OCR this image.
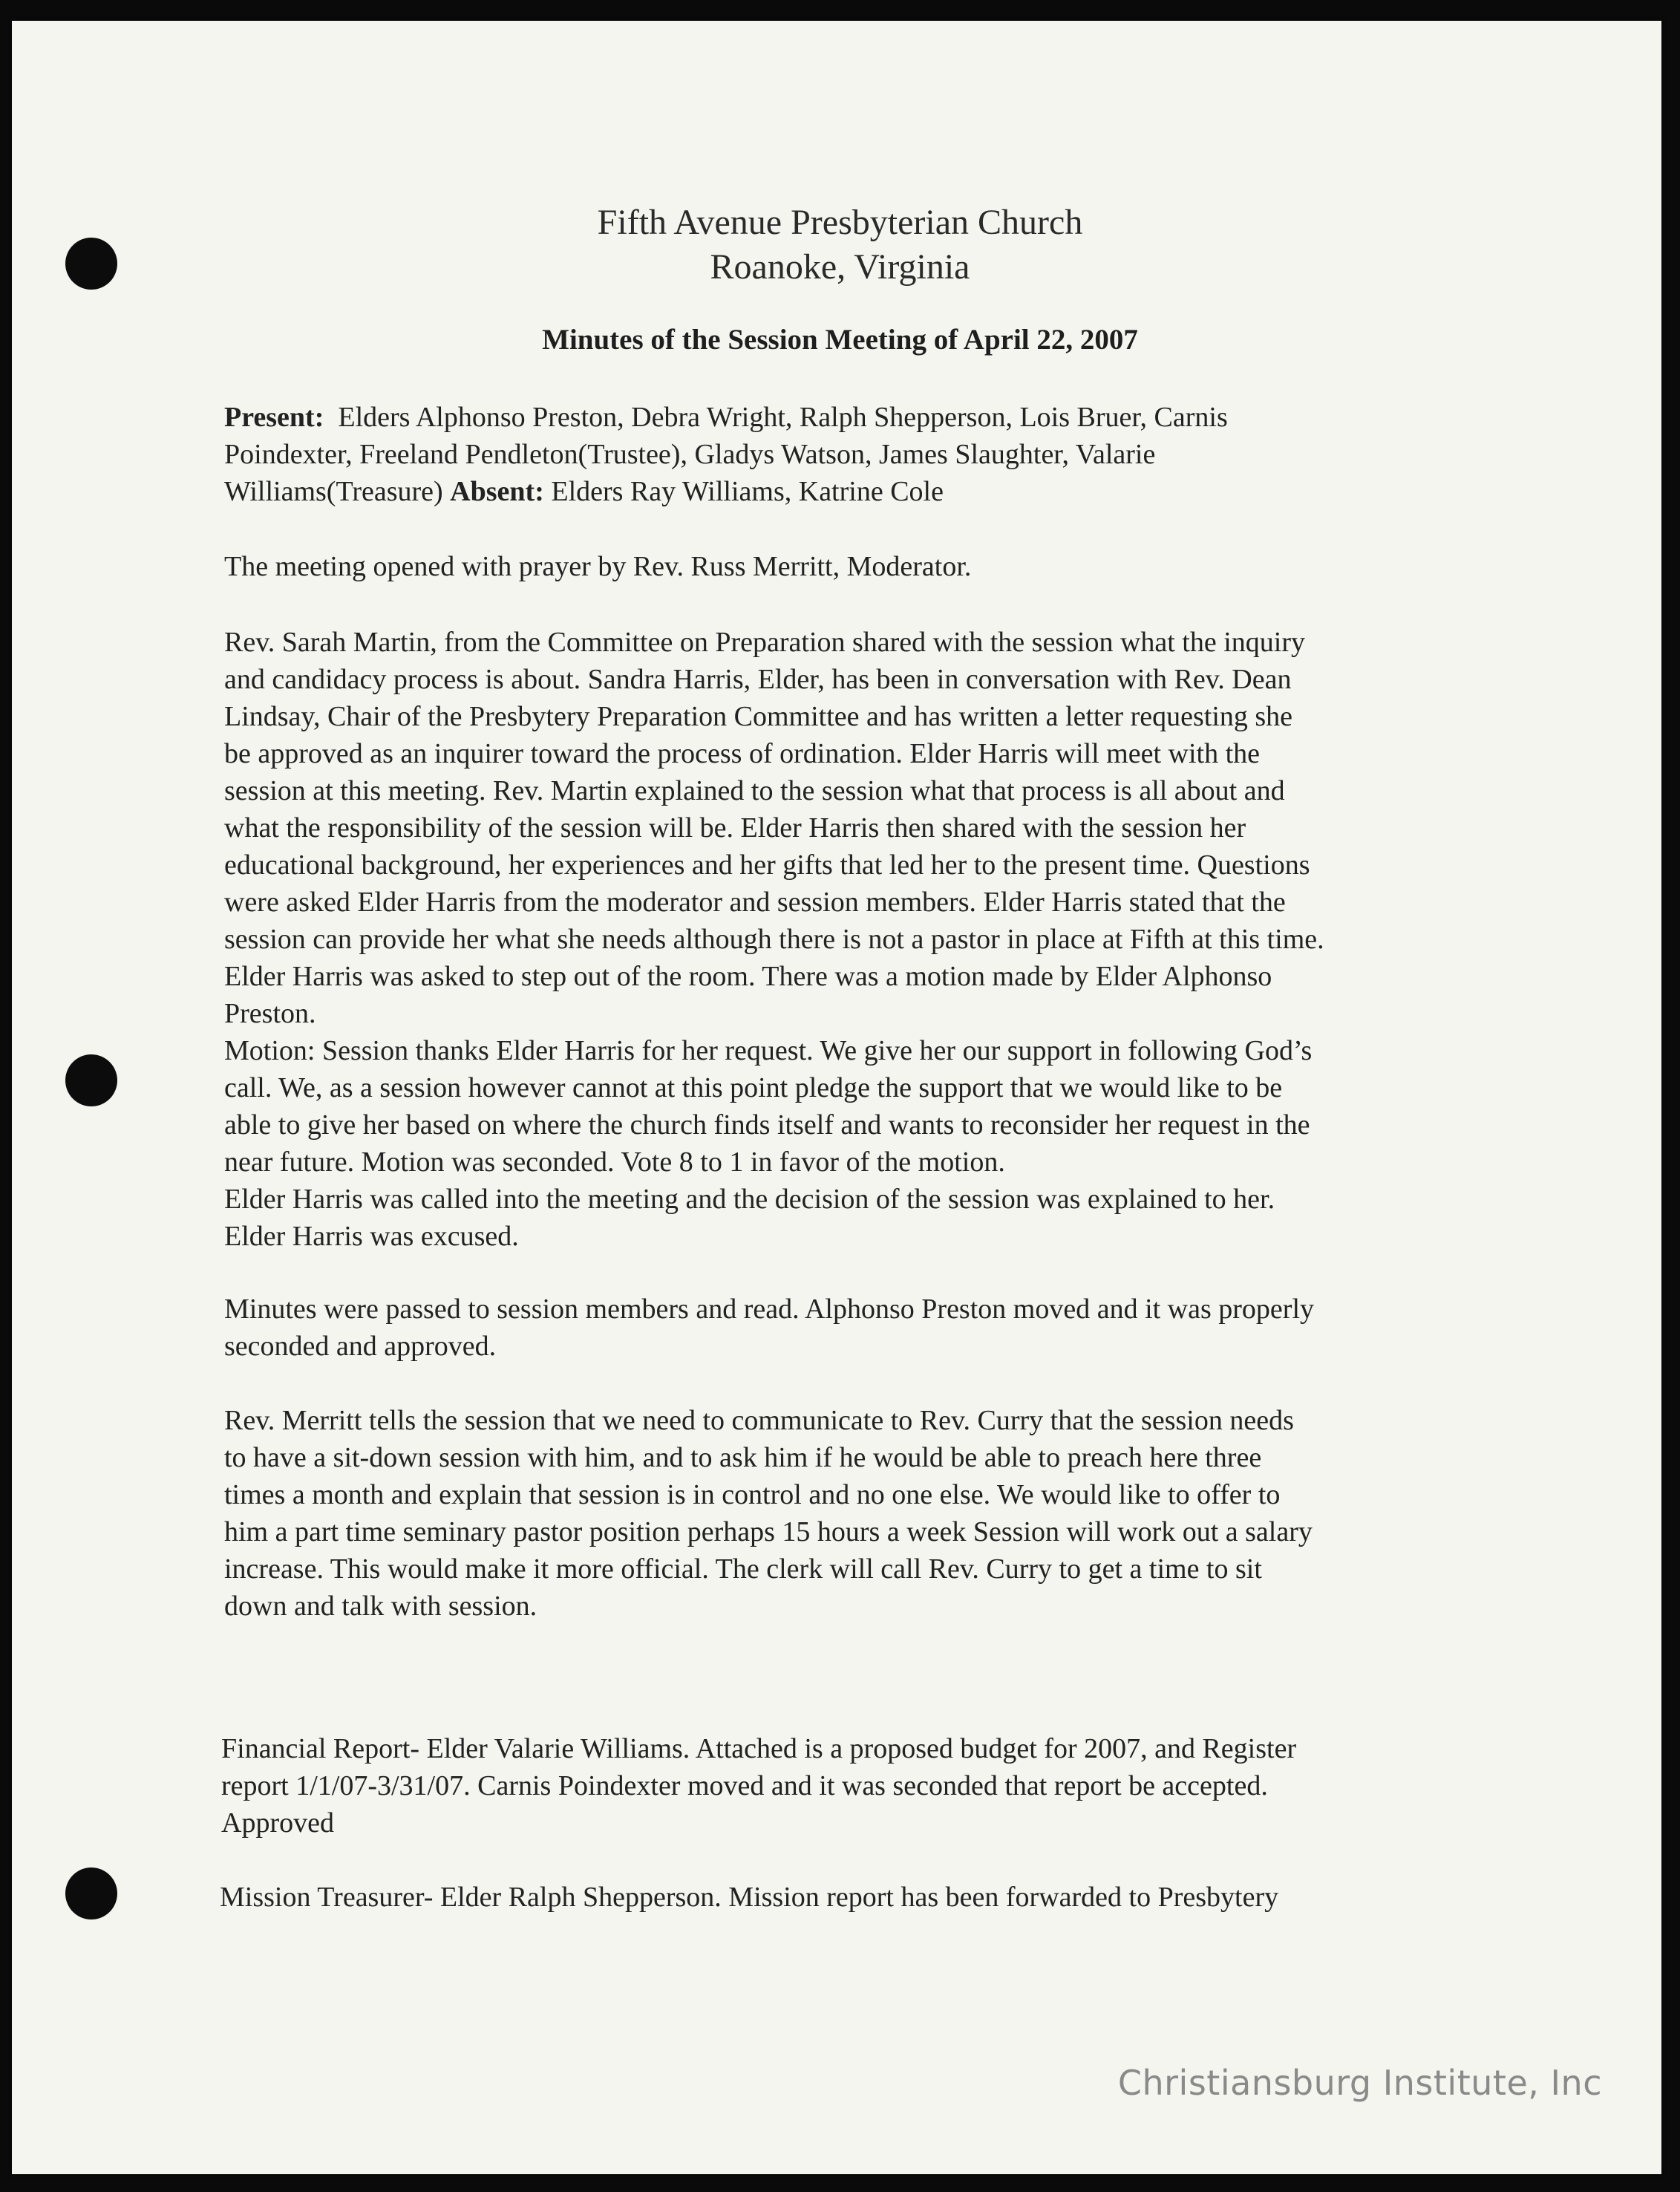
Fifth Avenue Presbyterian Church
Roanoke, Virginia
Minutes of the Session Meeting of April 22, 2007
Present: Elders Alphonso Preston, Debra Wright, Ralph Shepperson, Lois Bruer, Carnis
Poindexter, Freeland Pendleton(Trustee), Gladys Watson, James Slaughter, Valarie
Williams(Treasure) Absent: Elders Ray Williams, Katrine Cole
The meeting opened with prayer by Rev. Russ Merritt, Moderator.
Rev. Sarah Martin, from the Committee on Preparation shared with the session what the inquiry
and candidacy process is about. Sandra Harris, Elder, has been in conversation with Rev. Dean
Lindsay, Chair of the Presbytery Preparation Committee and has written a letter requesting she
be approved as an inquirer toward the process of ordination. Elder Harris will meet with the
session at this meeting. Rev. Martin explained to the session what that process is all about and
what the responsibility of the session will be. Elder Harris then shared with the session her
educational background, her experiences and her gifts that led her to the present time. Questions
were asked Elder Harris from the moderator and session members. Elder Harris stated that the
session can provide her what she needs although there is not a pastor in place at Fifth at this time.
Elder Harris was asked to step out of the room. There was a motion made by Elder Alphonso
Preston.
Motion: Session thanks Elder Harris for her request. We give her our support in following God’s
call. We, as a session however cannot at this point pledge the support that we would like to be
able to give her based on where the church finds itself and wants to reconsider her request in the
near future. Motion was seconded. Vote 8 to 1 in favor of the motion.
Elder Harris was called into the meeting and the decision of the session was explained to her.
Elder Harris was excused.
Minutes were passed to session members and read. Alphonso Preston moved and it was properly
seconded and approved.
Rev. Merritt tells the session that we need to communicate to Rev. Curry that the session needs
to have a sit-down session with him, and to ask him if he would be able to preach here three
times a month and explain that session is in control and no one else. We would like to offer to
him a part time seminary pastor position perhaps 15 hours a week Session will work out a salary
increase. This would make it more official. The clerk will call Rev. Curry to get a time to sit
down and talk with session.
Financial Report- Elder Valarie Williams. Attached is a proposed budget for 2007, and Register
report 1/1/07-3/31/07. Carnis Poindexter moved and it was seconded that report be accepted.
Approved
Mission Treasurer- Elder Ralph Shepperson. Mission report has been forwarded to Presbytery
Christiansburg Institute, Inc
